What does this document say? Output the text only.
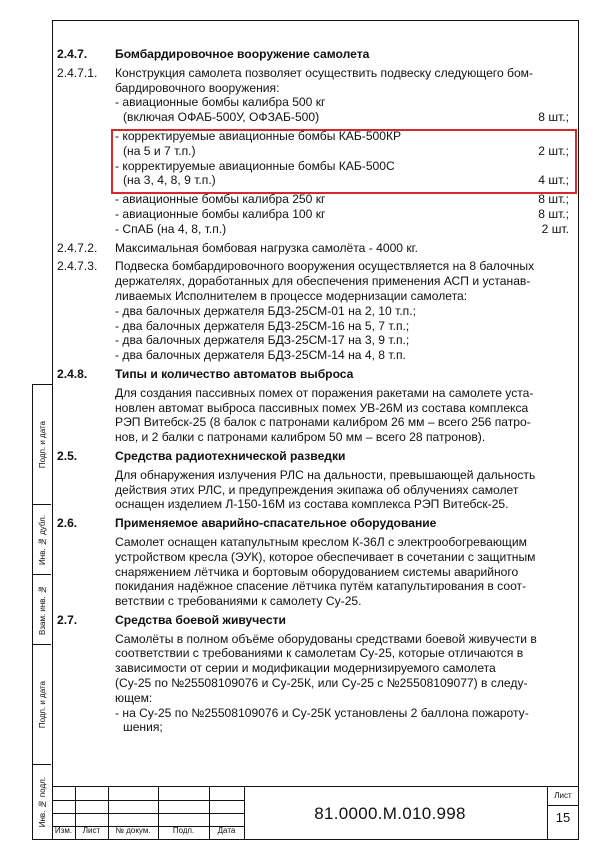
Подп. и дата
Инв. № дубл.
Взам. инв. №
Подп. и дата
Инв. № подл.
2.4.7.	Бомбардировочное вооружение самолета
2.4.7.1.	Конструкция самолета позволяет осуществить подвеску следующего бом-
бардировочного вооружения:
- авиационные бомбы калибра 500 кг
(включая ОФАБ-500У, ОФЗАБ-500)	8 шт.;
- корректируемые авиационные бомбы КАБ-500КР
(на 5 и 7 т.п.)	2 шт.;
- корректируемые авиационные бомбы КАБ-500С
(на 3, 4, 8, 9 т.п.)	4 шт.;
- авиационные бомбы калибра 250 кг	8 шт.;
- авиационные бомбы калибра 100 кг	8 шт.;
- СпАБ (на 4, 8, т.п.)	2 шт.
2.4.7.2.	Максимальная бомбовая нагрузка самолёта - 4000 кг.
2.4.7.3.	Подвеска бомбардировочного вооружения осуществляется на 8 балочных
держателях, доработанных для обеспечения применения АСП и устанав-
ливаемых Исполнителем в процессе модернизации самолета:
- два балочных держателя БДЗ-25СМ-01 на 2, 10 т.п.;
- два балочных держателя БДЗ-25СМ-16 на 5, 7 т.п.;
- два балочных держателя БДЗ-25СМ-17 на 3, 9 т.п.;
- два балочных держателя БДЗ-25СМ-14 на 4, 8 т.п.
2.4.8.	Типы и количество автоматов выброса
Для создания пассивных помех от поражения ракетами на самолете уста-
новлен автомат выброса пассивных помех УВ-26М из состава комплекса
РЭП Витебск-25 (8 балок с патронами калибром 26 мм – всего 256 патро-
нов, и 2 балки с патронами калибром 50 мм – всего 28 патронов).
2.5.	Средства радиотехнической разведки
Для обнаружения излучения РЛС на дальности, превышающей дальность
действия этих РЛС, и предупреждения экипажа об облучениях самолет
оснащен изделием Л-150-16М из состава комплекса РЭП Витебск-25.
2.6.	Применяемое аварийно-спасательное оборудование
Самолет оснащен катапультным креслом К-36Л с электрообогревающим
устройством кресла (ЭУК), которое обеспечивает в сочетании с защитным
снаряжением лётчика и бортовым оборудованием системы аварийного
покидания надёжное спасение лётчика путём катапультирования в соот-
ветствии с требованиями к самолету Су-25.
2.7.	Средства боевой живучести
Самолёты в полном объёме оборудованы средствами боевой живучести в
соответствии с требованиями к самолетам Су-25, которые отличаются в
зависимости от серии и модификации модернизируемого самолета
(Су-25 по №25508109076 и Су-25К, или Су-25 с №25508109077) в следу-
ющем:
- на Су-25 по №25508109076 и Су-25К установлены 2 баллона пожароту-
шения;
Изм.	Лист	№ докум.	Подп.	Дата
81.0000.М.010.998
Лист
15
